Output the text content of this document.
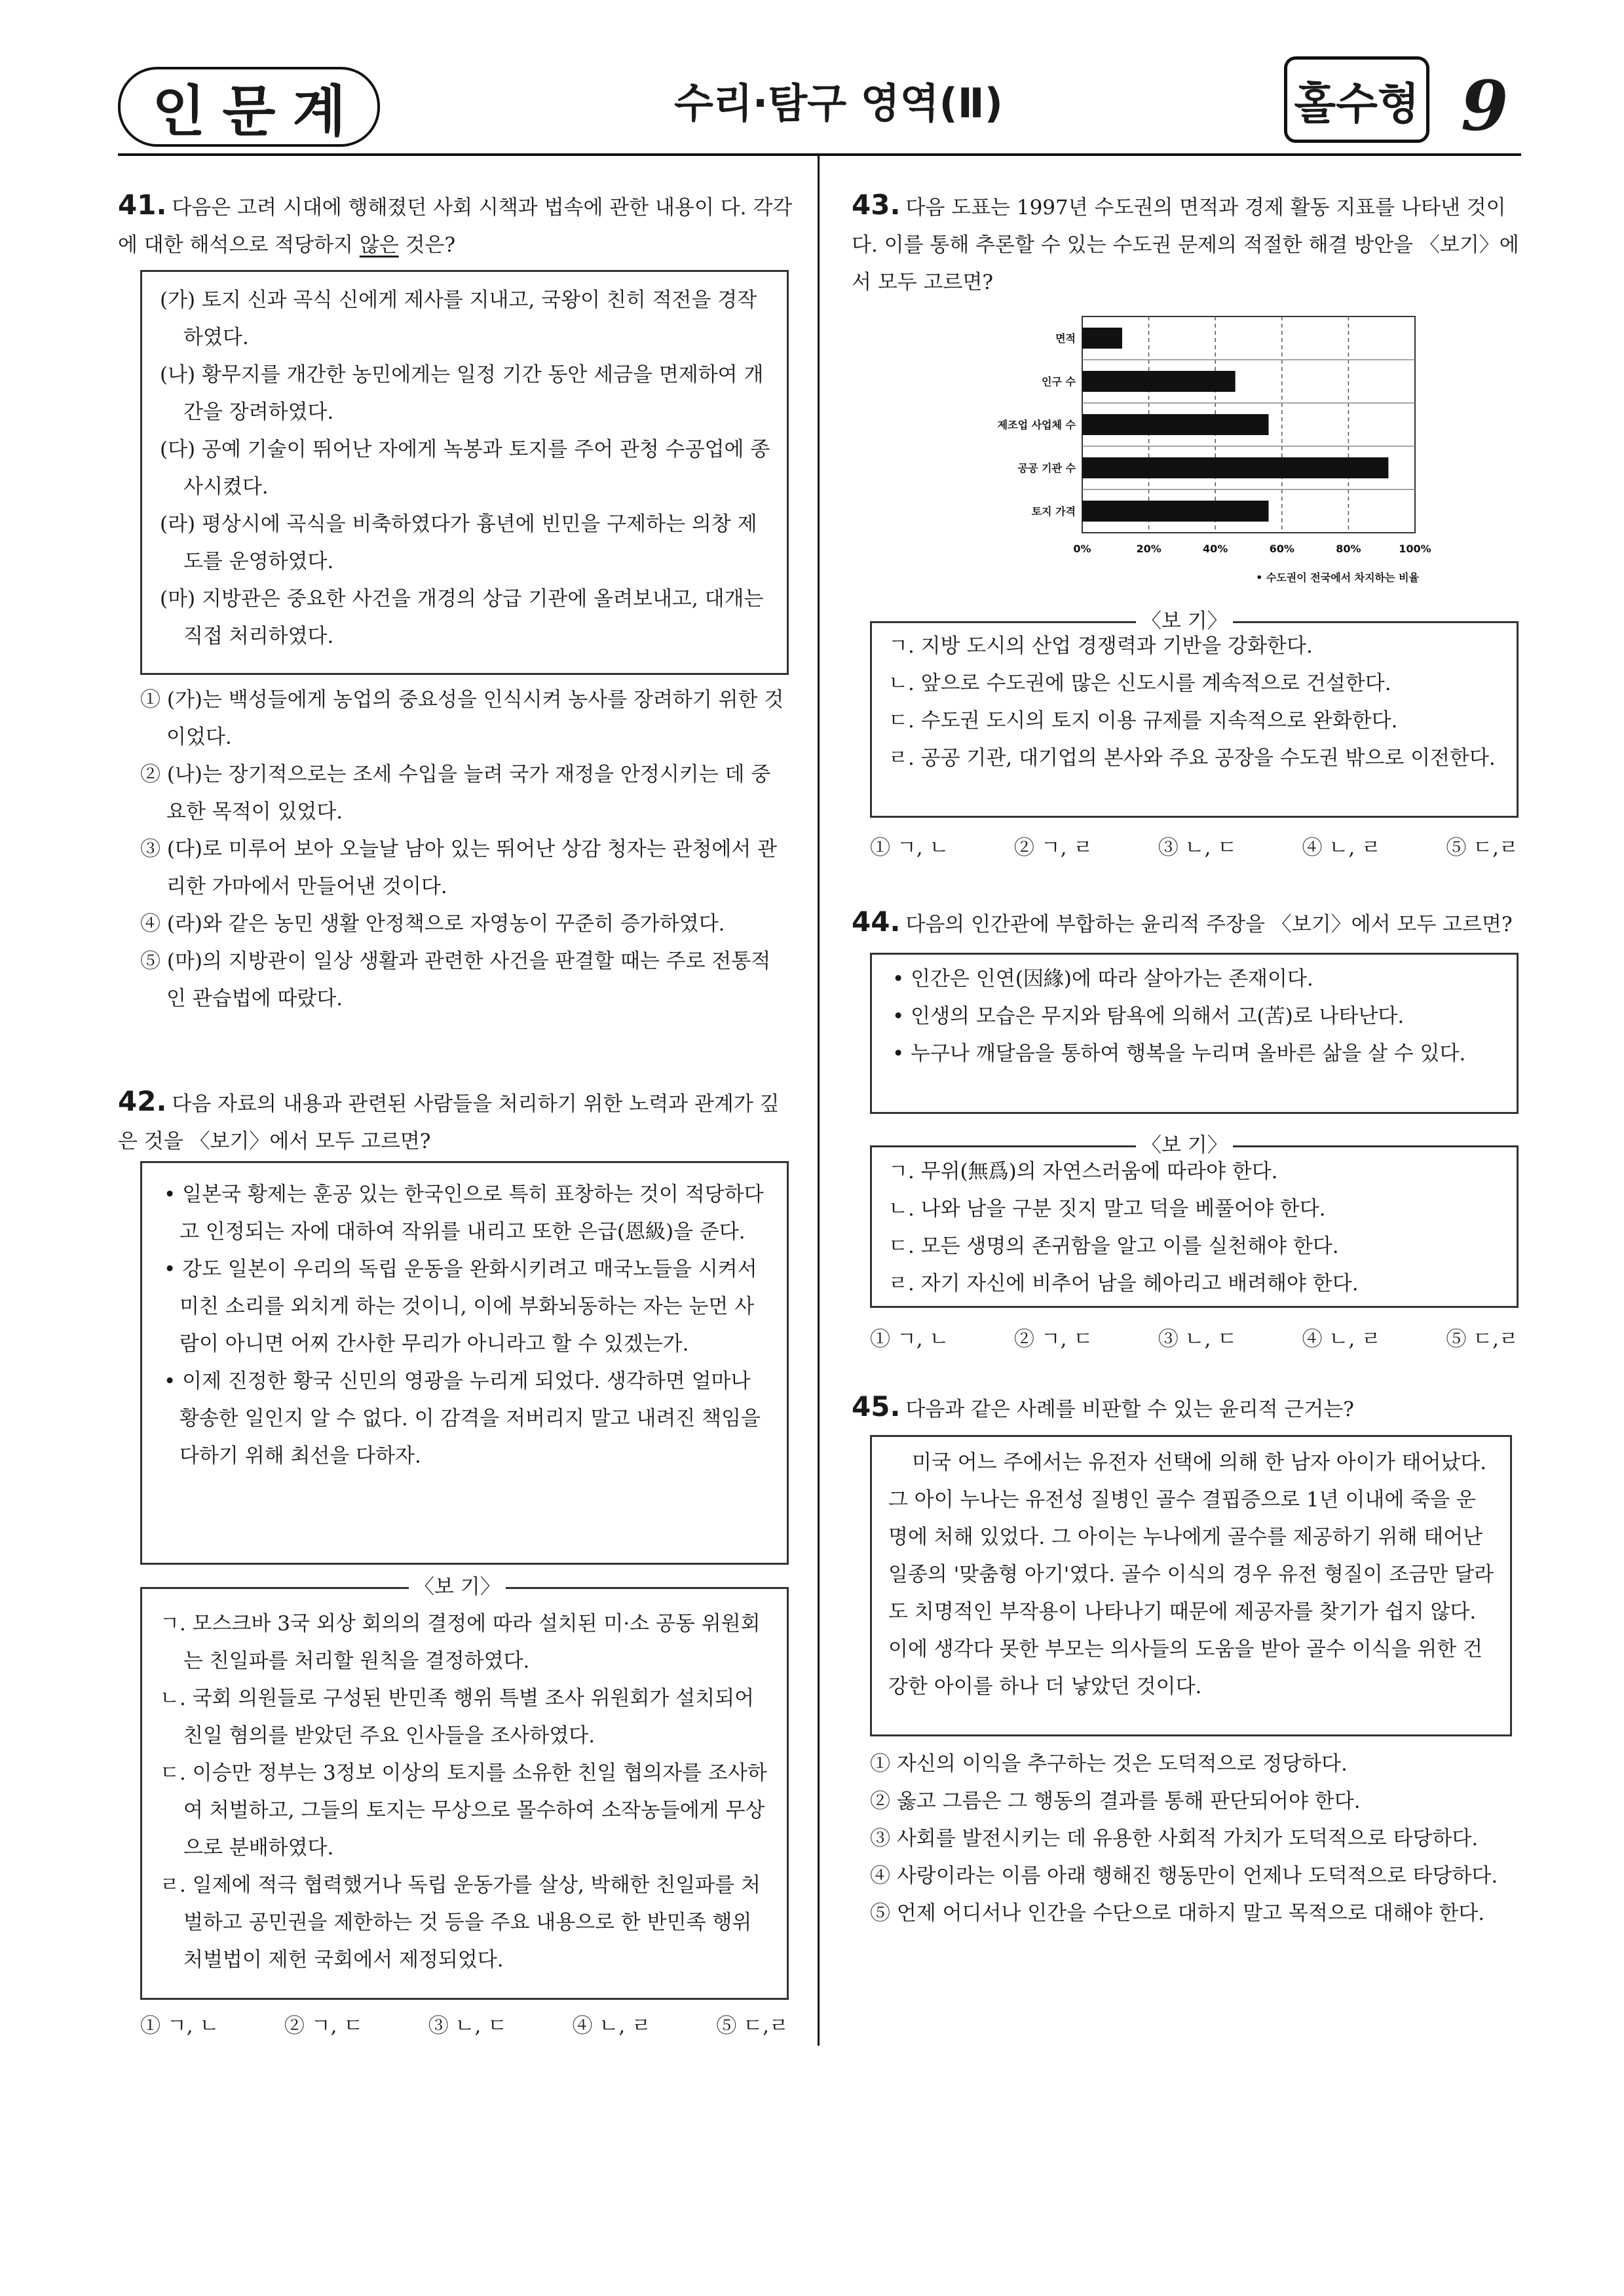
인문계	수리·탐구 영역(Ⅱ)	홀수형 9
41. 다음은 고려 시대에 행해졌던 사회 시책과 법속에 관한 내용이 다. 각각에 대한 해석으로 적당하지 않은 것은?

(가) 토지 신과 곡식 신에게 제사를 지내고, 국왕이 친히 적전을 경작하였다.

(나) 황무지를 개간한 농민에게는 일정 기간 동안 세금을 면제하여 개간을 장려하였다.

(다) 공예 기술이 뛰어난 자에게 녹봉과 토지를 주어 관청 수공업에 종사시켰다.

(라) 평상시에 곡식을 비축하였다가 흉년에 빈민을 구제하는 의창 제도를 운영하였다.

(마) 지방관은 중요한 사건을 개경의 상급 기관에 올려보내고, 대개는 직접 처리하였다.

① (가)는 백성들에게 농업의 중요성을 인식시켜 농사를 장려하기 위한 것이었다.

② (나)는 장기적으로는 조세 수입을 늘려 국가 재정을 안정시키는 데 중요한 목적이 있었다.

③ (다)로 미루어 보아 오늘날 남아 있는 뛰어난 상감 청자는 관청에서 관리한 가마에서 만들어낸 것이다.

④ (라)와 같은 농민 생활 안정책으로 자영농이 꾸준히 증가하였다.

⑤ (마)의 지방관이 일상 생활과 관련한 사건을 판결할 때는 주로 전통적인 관습법에 따랐다.

42. 다음 자료의 내용과 관련된 사람들을 처리하기 위한 노력과 관계가 깊은 것을 〈보기〉에서 모두 고르면?

• 일본국 황제는 훈공 있는 한국인으로 특히 표창하는 것이 적당하다고 인정되는 자에 대하여 작위를 내리고 또한 은급(恩級)을 준다.

• 강도 일본이 우리의 독립 운동을 완화시키려고 매국노들을 시켜서 미친 소리를 외치게 하는 것이니, 이에 부화뇌동하는 자는 눈먼 사람이 아니면 어찌 간사한 무리가 아니라고 할 수 있겠는가.

• 이제 진정한 황국 신민의 영광을 누리게 되었다. 생각하면 얼마나 황송한 일인지 알 수 없다. 이 감격을 저버리지 말고 내려진 책임을 다하기 위해 최선을 다하자.

〈보 기〉

ㄱ. 모스크바 3국 외상 회의의 결정에 따라 설치된 미·소 공동 위원회는 친일파를 처리할 원칙을 결정하였다.

ㄴ. 국회 의원들로 구성된 반민족 행위 특별 조사 위원회가 설치되어 친일 혐의를 받았던 주요 인사들을 조사하였다.

ㄷ. 이승만 정부는 3정보 이상의 토지를 소유한 친일 협의자를 조사하여 처벌하고, 그들의 토지는 무상으로 몰수하여 소작농들에게 무상으로 분배하였다.

ㄹ. 일제에 적극 협력했거나 독립 운동가를 살상, 박해한 친일파를 처벌하고 공민권을 제한하는 것 등을 주요 내용으로 한 반민족 행위 처벌법이 제헌 국회에서 제정되었다.

① ㄱ, ㄴ	② ㄱ, ㄷ	③ ㄴ, ㄷ	④ ㄴ, ㄹ	⑤ ㄷ,ㄹ
43. 다음 도표는 1997년 수도권의 면적과 경제 활동 지표를 나타낸 것이다. 이를 통해 추론할 수 있는 수도권 문제의 적절한 해결 방안을 〈보기〉에서 모두 고르면?
면적
인구 수
제조업 사업체 수
공공 기관 수
토지 가격
0%	20%	40%	60%	80%	100%
• 수도권이 전국에서 차지하는 비율
〈보 기〉

ㄱ. 지방 도시의 산업 경쟁력과 기반을 강화한다.

ㄴ. 앞으로 수도권에 많은 신도시를 계속적으로 건설한다.

ㄷ. 수도권 도시의 토지 이용 규제를 지속적으로 완화한다.

ㄹ. 공공 기관, 대기업의 본사와 주요 공장을 수도권 밖으로 이전한다.

① ㄱ, ㄴ	② ㄱ, ㄹ	③ ㄴ, ㄷ	④ ㄴ, ㄹ	⑤ ㄷ,ㄹ
44. 다음의 인간관에 부합하는 윤리적 주장을 〈보기〉에서 모두 고르면?

• 인간은 인연(因緣)에 따라 살아가는 존재이다.

• 인생의 모습은 무지와 탐욕에 의해서 고(苦)로 나타난다.

• 누구나 깨달음을 통하여 행복을 누리며 올바른 삶을 살 수 있다.

〈보 기〉

ㄱ. 무위(無爲)의 자연스러움에 따라야 한다.

ㄴ. 나와 남을 구분 짓지 말고 덕을 베풀어야 한다.

ㄷ. 모든 생명의 존귀함을 알고 이를 실천해야 한다.

ㄹ. 자기 자신에 비추어 남을 헤아리고 배려해야 한다.

① ㄱ, ㄴ	② ㄱ, ㄷ	③ ㄴ, ㄷ	④ ㄴ, ㄹ	⑤ ㄷ,ㄹ
45. 다음과 같은 사례를 비판할 수 있는 윤리적 근거는?
미국 어느 주에서는 유전자 선택에 의해 한 남자 아이가 태어났다. 그 아이 누나는 유전성 질병인 골수 결핍증으로 1년 이내에 죽을 운명에 처해 있었다. 그 아이는 누나에게 골수를 제공하기 위해 태어난 일종의 '맞춤형 아기'였다. 골수 이식의 경우 유전 형질이 조금만 달라도 치명적인 부작용이 나타나기 때문에 제공자를 찾기가 쉽지 않다. 이에 생각다 못한 부모는 의사들의 도움을 받아 골수 이식을 위한 건강한 아이를 하나 더 낳았던 것이다.

① 자신의 이익을 추구하는 것은 도덕적으로 정당하다.

② 옳고 그름은 그 행동의 결과를 통해 판단되어야 한다.

③ 사회를 발전시키는 데 유용한 사회적 가치가 도덕적으로 타당하다.

④ 사랑이라는 이름 아래 행해진 행동만이 언제나 도덕적으로 타당하다.

⑤ 언제 어디서나 인간을 수단으로 대하지 말고 목적으로 대해야 한다.
